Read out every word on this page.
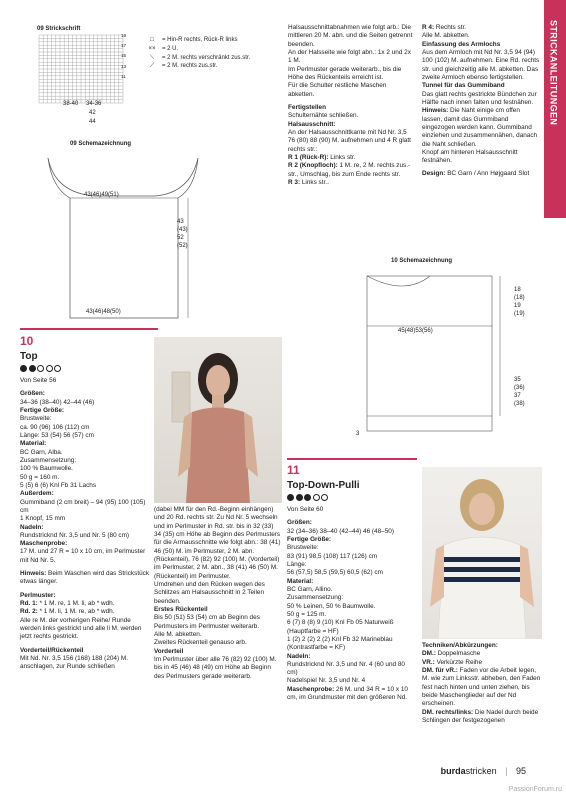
STRICKANLEITUNGEN
09 Strickschrift
19

17

15

13

11

38-40 34-36
42
44
□	= Hin-R rechts, Rück-R links
××	= 2 U.
⟍	= 2 M. rechts verschränkt zus.str.
⟋	= 2 M. rechts zus.str.
09 Schemazeichnung
43(46)49(51)
43(46)48(50)
43
(43)
52
(52)

Halsausschnittabnahmen wie folgt arb.: Die mittleren 20 M. abn. und die Seiten getrennt beenden.

An der Halsseite wie folgt abn.: 1x 2 und 2x 1 M.

Im Perlmuster gerade weiterarb., bis die Höhe des Rückenteils erreicht ist.

Für die Schulter restliche Maschen abketten.

Fertigstellen
Schulternähte schließen.
Halsausschnitt:
An der Halsausschnittkante mit Nd Nr. 3,5 76 (80) 88 (90) M. aufnehmen und 4 R glatt rechts str.:
R 1 (Rück-R): Links str.
R 2 (Knopfloch): 1 M. re, 2 M. rechts zus.-str., Umschlag, bis zum Ende rechts str.
R 3: Links str..
R 4: Rechts str.
Alle M. abketten.
Einfassung des Armlochs
Aus dem Armloch mit Nd Nr. 3,5 94 (94) 100 (102) M. aufnehmen. Eine Rd. rechts str. und gleichzeitig alle M. abketten. Das zweite Armloch ebenso fertigstellen.
Tunnel für das Gummiband
Das glatt rechts gestrickte Bündchen zur Hälfte nach innen falten und festnähen.
Hinweis: Die Naht einige cm offen lassen, damit das Gummiband eingezogen werden kann. Gummiband einziehen und zusammennähen, danach die Naht schließen.
Knopf am hinteren Halsausschnitt festnähen.
Design: BC Garn / Ann Højgaard Slot
10 Schemazeichnung
45(48)53(56)
18
(18)
19
(19)
35
(36)
37
(38)
3
10
Top
Von Seite 56
Größen:
34–36 (38–40) 42–44 (46)
Fertige Größe:
Brustweite:
ca. 90 (96) 106 (112) cm
Länge: 53 (54) 56 (57) cm
Material:
BC Garn, Alba.
Zusammensetzung:
100 % Baumwolle.
50 g = 160 m.
5 (5) 6 (6) Knl Fb 31 Lachs
Außerdem:
Gummiband (2 cm breit) – 94 (95) 100 (105) cm
1 Knopf, 15 mm
Nadeln:
Rundstricknd Nr. 3,5 und Nr. 5 (80 cm)
Maschenprobe:
17 M. und 27 R = 10 x 10 cm, im Perlmuster mit Nd Nr. 5.
Hinweis: Beim Waschen wird das Strickstück etwas länger.
Perlmuster:
Rd. 1: * 1 M. re, 1 M. li, ab * wdh.
Rd. 2: * 1 M. li, 1 M. re, ab * wdh.
Alle re M. der vorherigen Reihe/ Runde werden links gestrickt und alle li M. werden jetzt rechts gestrickt.
Vorderteil/Rückenteil
Mit Nd. Nr. 3,5 156 (168) 188 (204) M. anschlagen, zur Runde schließen
(dabei MM für den Rd.-Beginn einhängen) und 20 Rd. rechts str. Zu Nd Nr. 5 wechseln und im Perlmuster in Rd. str. bis in 32 (33) 34 (35) cm Höhe ab Beginn des Perlmusters für die Armausschnitte wie folgt abn.: 38 (41) 46 (50) M. im Perlmuster, 2 M. abn. (Rückenteil), 76 (82) 92 (100) M. (Vorderteil) im Perlmuster, 2 M. abn., 38 (41) 46 (50) M. (Rückenteil) im Perlmuster.
Umdrehen und den Rücken wegen des Schlitzes am Halsausschnitt in 2 Teilen beenden.
Erstes Rückenteil
Bis 50 (51) 53 (54) cm ab Beginn des Perlmusters im Perlmuster weiterarb.
Alle M. abketten.
Zweites Rückenteil genauso arb.
Vorderteil
Im Perlmuster über alle 76 (82) 92 (100) M. bis in 45 (46) 48 (49) cm Höhe ab Beginn des Perlmusters gerade weiterarb.
11
Top-Down-Pulli
Von Seite 60
Größen:
32 (34–36) 38–40 (42–44) 46 (48–50)
Fertige Größe:
Brustweite:
83 (91) 98,5 (108) 117 (126) cm
Länge:
56 (57,5) 58,5 (59,5) 60,5 (62) cm
Material:
BC Garn, Allino.
Zusammensetzung:
50 % Leinen, 50 % Baumwolle.
50 g = 125 m.
6 (7) 8 (8) 9 (10) Knl Fb 05 Naturweiß (Hauptfarbe = HF)
1 (2) 2 (2) 2 (2) Knl Fb 32 Marineblau (Kontrastfarbe = KF)
Nadeln:
Rundstricknd Nr. 3,5 und Nr. 4 (60 und 80 cm)
Nadelspiel Nr. 3,5 und Nr. 4
Maschenprobe: 26 M. und 34 R = 10 x 10 cm, im Grundmuster mit den größeren Nd.
Techniken/Abkürzungen:
DM.: Doppelmasche
VR.: Verkürzte Reihe
DM. für vR.: Faden vor die Arbeit legen, M. wie zum Linksstr. abheben, den Faden fest nach hinten und unten ziehen, bis beide Maschenglieder auf der Nd erscheinen.
DM. rechts/links: Die Nadel durch beide Schlingen der festgezogenen
burdastricken | 95
PassionForum.ru
